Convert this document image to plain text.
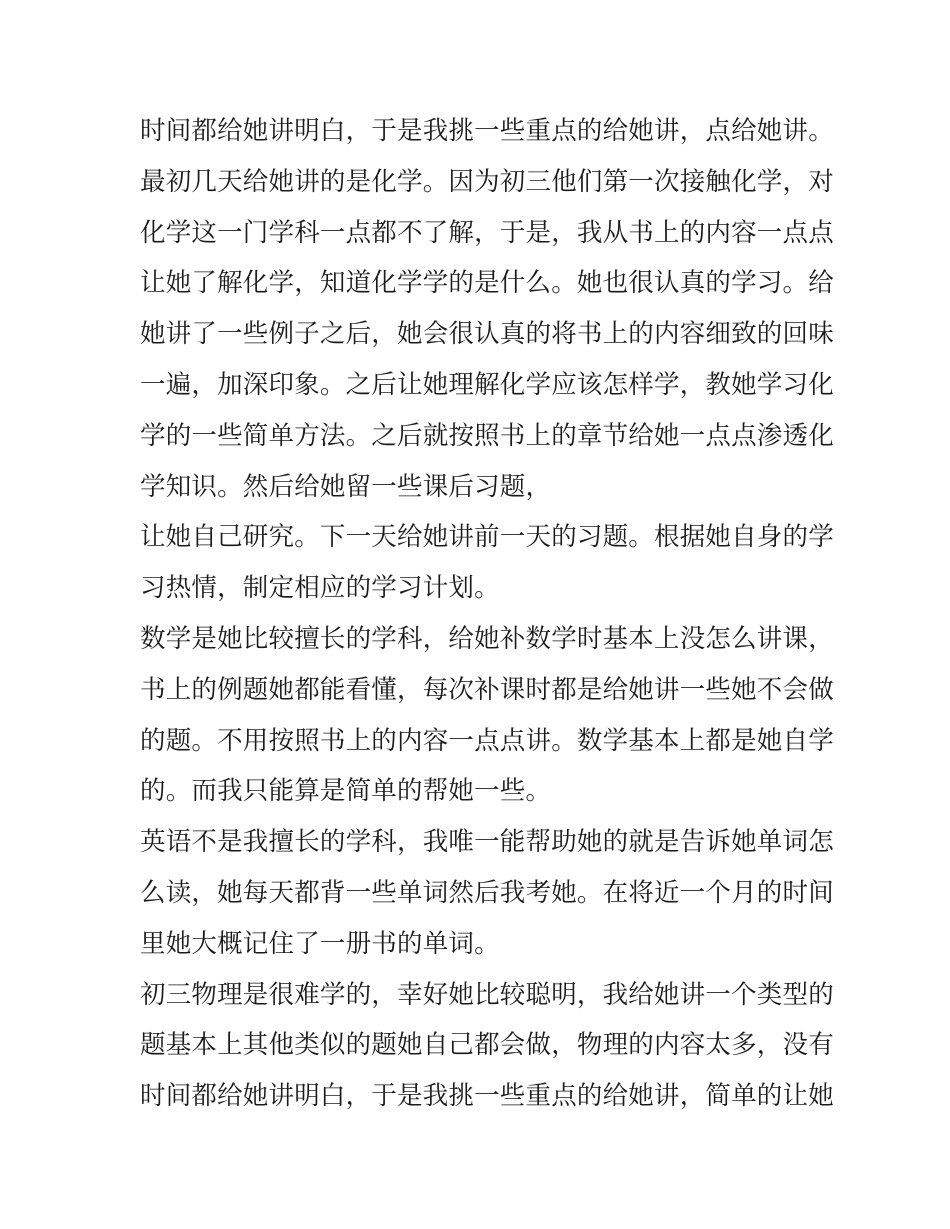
时间都给她讲明白，于是我挑一些重点的给她讲，点给她讲。
最初几天给她讲的是化学。因为初三他们第一次接触化学，对
化学这一门学科一点都不了解，于是，我从书上的内容一点点
让她了解化学，知道化学学的是什么。她也很认真的学习。给
她讲了一些例子之后，她会很认真的将书上的内容细致的回味
一遍，加深印象。之后让她理解化学应该怎样学，教她学习化
学的一些简单方法。之后就按照书上的章节给她一点点渗透化
学知识。然后给她留一些课后习题，
让她自己研究。下一天给她讲前一天的习题。根据她自身的学
习热情，制定相应的学习计划。
数学是她比较擅长的学科，给她补数学时基本上没怎么讲课，
书上的例题她都能看懂，每次补课时都是给她讲一些她不会做
的题。不用按照书上的内容一点点讲。数学基本上都是她自学
的。而我只能算是简单的帮她一些。
英语不是我擅长的学科，我唯一能帮助她的就是告诉她单词怎
么读，她每天都背一些单词然后我考她。在将近一个月的时间
里她大概记住了一册书的单词。
初三物理是很难学的，幸好她比较聪明，我给她讲一个类型的
题基本上其他类似的题她自己都会做，物理的内容太多，没有
时间都给她讲明白，于是我挑一些重点的给她讲，简单的让她
